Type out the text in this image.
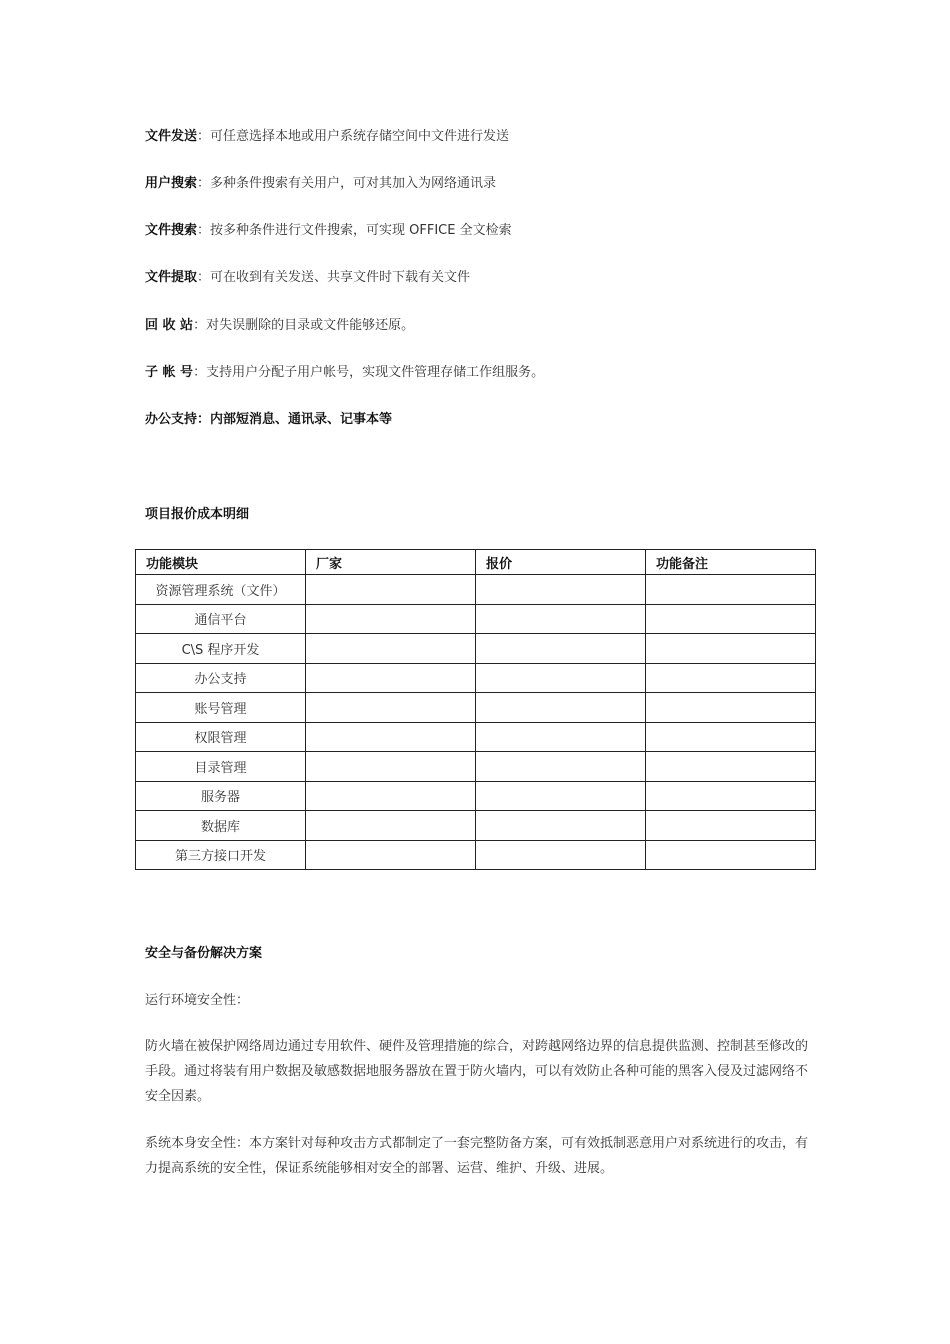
文件发送：可任意选择本地或用户系统存储空间中文件进行发送
用户搜索：多种条件搜索有关用户，可对其加入为网络通讯录
文件搜索：按多种条件进行文件搜索，可实现 OFFICE 全文检索
文件提取：可在收到有关发送、共享文件时下载有关文件
回 收 站：对失误删除的目录或文件能够还原。
子 帐 号：支持用户分配子用户帐号，实现文件管理存储工作组服务。
办公支持：内部短消息、通讯录、记事本等
项目报价成本明细
功能模块	厂家	报价	功能备注
资源管理系统（文件）			
通信平台			
C\S 程序开发			
办公支持			
账号管理			
权限管理			
目录管理			
服务器			
数据库			
第三方接口开发			
安全与备份解决方案
运行环境安全性：
防火墙在被保护网络周边通过专用软件、硬件及管理措施的综合，对跨越网络边界的信息提供监测、控制甚至修改的手段。通过将装有用户数据及敏感数据地服务器放在置于防火墙内，可以有效防止各种可能的黑客入侵及过滤网络不安全因素。
系统本身安全性：本方案针对每种攻击方式都制定了一套完整防备方案，可有效抵制恶意用户对系统进行的攻击，有力提高系统的安全性，保证系统能够相对安全的部署、运营、维护、升级、进展。
